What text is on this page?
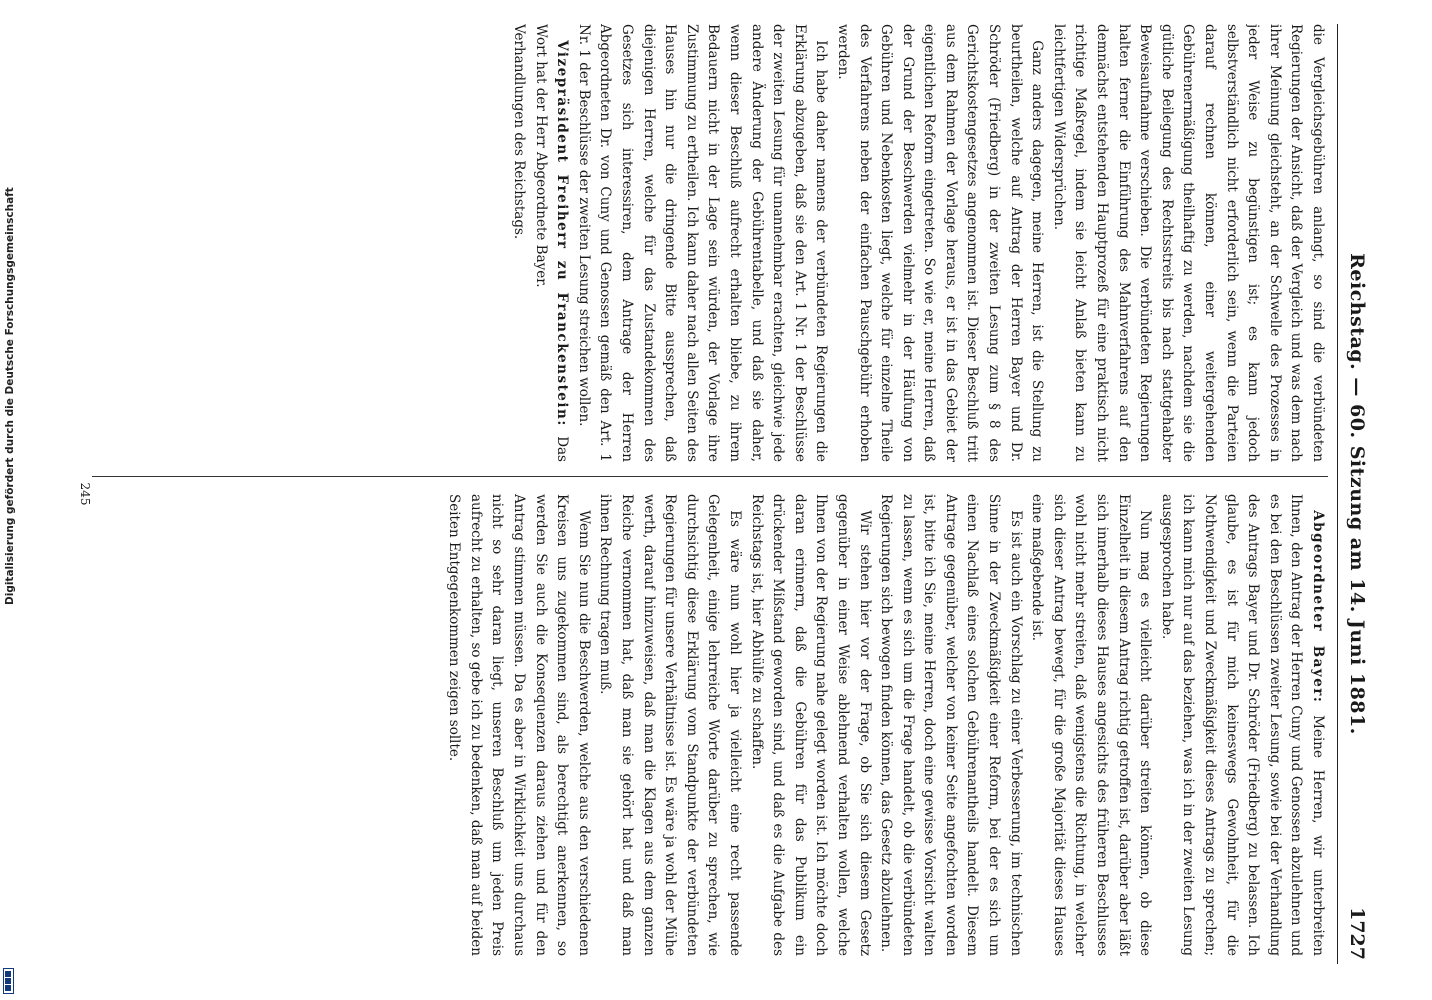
Reichstag. — 60. Sitzung am 14. Juni 1881.
1727

die Vergleichsgebühren anlangt, so sind die verbündeten Regierungen der Ansicht, daß der Vergleich und was dem nach ihrer Meinung gleichsteht, an der Schwelle des Prozesses in jeder Weise zu begünstigen ist; es kann jedoch selbstverständlich nicht erforderlich sein, wenn die Parteien darauf rechnen können, einer weitergehenden Gebührenermäßigung theilhaftig zu werden, nachdem sie die gütliche Beilegung des Rechtsstreits bis nach stattgehabter Beweisaufnahme verschieben. Die verbündeten Regierungen halten ferner die Einführung des Mahnverfahrens auf den demnächst entstehenden Hauptprozeß für eine praktisch nicht richtige Maßregel, indem sie leicht Anlaß bieten kann zu leichtfertigen Widersprüchen.

Ganz anders dagegen, meine Herren, ist die Stellung zu beurtheilen, welche auf Antrag der Herren Bayer und Dr. Schröder (Friedberg) in der zweiten Lesung zum § 8 des Gerichtskostengesetzes angenommen ist. Dieser Beschluß tritt aus dem Rahmen der Vorlage heraus, er ist in das Gebiet der eigentlichen Reform eingetreten. So wie er, meine Herren, daß der Grund der Beschwerden vielmehr in der Häufung von Gebühren und Nebenkosten liegt, welche für einzelne Theile des Verfahrens neben der einfachen Pauschgebühr erhoben werden.

Ich habe daher namens der verbündeten Regierungen die Erklärung abzugeben, daß sie den Art. 1 Nr. 1 der Beschlüsse der zweiten Lesung für unannehmbar erachten, gleichwie jede andere Änderung der Gebührentabelle, und daß sie daher, wenn dieser Beschluß aufrecht erhalten bliebe, zu ihrem Bedauern nicht in der Lage sein würden, der Vorlage ihre Zustimmung zu ertheilen. Ich kann daher nach allen Seiten des Hauses hin nur die dringende Bitte aussprechen, daß diejenigen Herren, welche für das Zustandekommen des Gesetzes sich interessiren, dem Antrage der Herren Abgeordneten Dr. von Cuny und Genossen gemäß den Art. 1 Nr. 1 der Beschlüsse der zweiten Lesung streichen wollen.

Vizepräsident Freiherr zu Franckenstein: Das Wort hat der Herr Abgeordnete Bayer.

Verhandlungen des Reichstags.

Abgeordneter Bayer: Meine Herren, wir unterbreiten Ihnen, den Antrag der Herren Cuny und Genossen abzulehnen und es bei den Beschlüssen zweiter Lesung, sowie bei der Verhandlung des Antrags Bayer und Dr. Schröder (Friedberg) zu belassen. Ich glaube, es ist für mich keineswegs Gewohnheit, für die Nothwendigkeit und Zweckmäßigkeit dieses Antrags zu sprechen; ich kann mich nur auf das beziehen, was ich in der zweiten Lesung ausgesprochen habe.

Nun mag es vielleicht darüber streiten können, ob diese Einzelheit in diesem Antrag richtig getroffen ist, darüber aber läßt sich innerhalb dieses Hauses angesichts des früheren Beschlusses wohl nicht mehr streiten, daß wenigstens die Richtung, in welcher sich dieser Antrag bewegt, für die große Majorität dieses Hauses eine maßgebende ist.

Es ist auch ein Vorschlag zu einer Verbesserung, im technischen Sinne in der Zweckmäßigkeit einer Reform, bei der es sich um einen Nachlaß eines solchen Gebührenantheils handelt. Diesem Antrage gegenüber, welcher von keiner Seite angefochten worden ist, bitte ich Sie, meine Herren, doch eine gewisse Vorsicht walten zu lassen, wenn es sich um die Frage handelt, ob die verbündeten Regierungen sich bewogen finden können, das Gesetz abzulehnen.

Wir stehen hier vor der Frage, ob Sie sich diesem Gesetz gegenüber in einer Weise ablehnend verhalten wollen, welche Ihnen von der Regierung nahe gelegt worden ist. Ich möchte doch daran erinnern, daß die Gebühren für das Publikum ein drückender Mißstand geworden sind, und daß es die Aufgabe des Reichstags ist, hier Abhülfe zu schaffen.

Es wäre nun wohl hier ja vielleicht eine recht passende Gelegenheit, einige lehrreiche Worte darüber zu sprechen, wie durchsichtig diese Erklärung vom Standpunkte der verbündeten Regierungen für unsere Verhältnisse ist. Es wäre ja wohl der Mühe werth, darauf hinzuweisen, daß man die Klagen aus dem ganzen Reiche vernommen hat, daß man sie gehört hat und daß man ihnen Rechnung tragen muß.

Wenn Sie nun die Beschwerden, welche aus den verschiedenen Kreisen uns zugekommen sind, als berechtigt anerkennen, so werden Sie auch die Konsequenzen daraus ziehen und für den Antrag stimmen müssen. Da es aber in Wirklichkeit uns durchaus nicht so sehr daran liegt, unseren Beschluß um jeden Preis aufrecht zu erhalten, so gebe ich zu bedenken, daß man auf beiden Seiten Entgegenkommen zeigen sollte.

245
Digitalisierung gefördert durch die Deutsche Forschungsgemeinschaft
